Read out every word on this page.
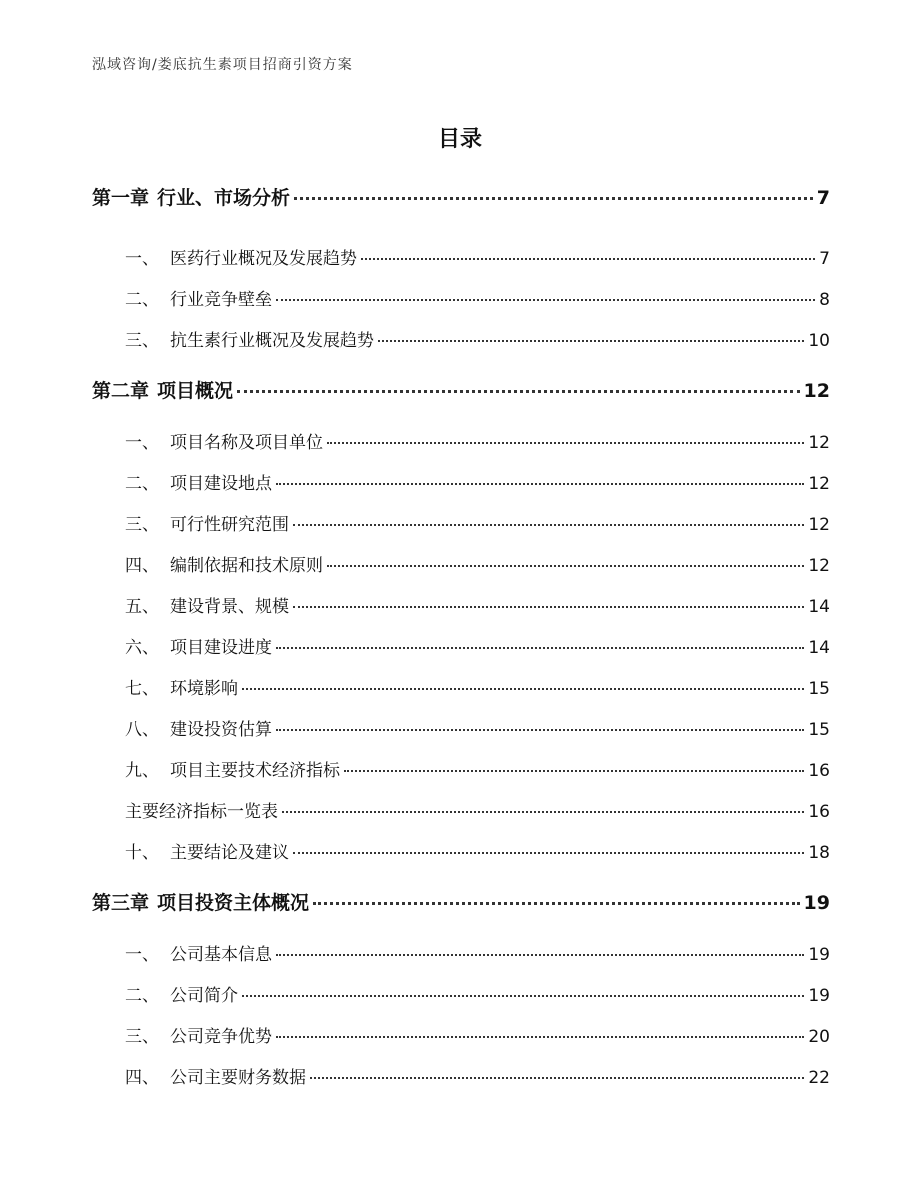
泓域咨询/娄底抗生素项目招商引资方案
目录
第一章 行业、市场分析	7
一、 医药行业概况及发展趋势	7
二、 行业竞争壁垒	8
三、 抗生素行业概况及发展趋势	10
第二章 项目概况	12
一、 项目名称及项目单位	12
二、 项目建设地点	12
三、 可行性研究范围	12
四、 编制依据和技术原则	12
五、 建设背景、规模	14
六、 项目建设进度	14
七、 环境影响	15
八、 建设投资估算	15
九、 项目主要技术经济指标	16
主要经济指标一览表	16
十、 主要结论及建议	18
第三章 项目投资主体概况	19
一、 公司基本信息	19
二、 公司简介	19
三、 公司竞争优势	20
四、 公司主要财务数据	22
